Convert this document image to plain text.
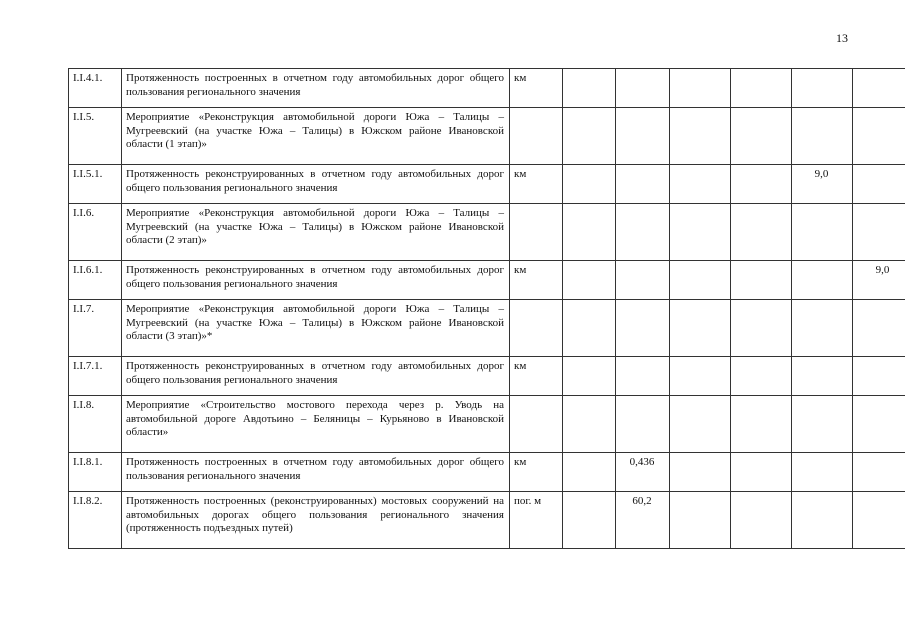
13
I.I.4.1.	Протяженность построенных в отчетном году автомобильных дорог общего пользования регионального значения	км						
I.I.5.	Мероприятие «Реконструкция автомобильной дороги Южа – Талицы – Мугреевский (на участке Южа – Талицы) в Южском районе Ивановской области (1 этап)»							
I.I.5.1.	Протяженность реконструированных в отчетном году автомобильных дорог общего пользования регионального значения	км					9,0	
I.I.6.	Мероприятие «Реконструкция автомобильной дороги Южа – Талицы – Мугреевский (на участке Южа – Талицы) в Южском районе Ивановской области (2 этап)»							
I.I.6.1.	Протяженность реконструированных в отчетном году автомобильных дорог общего пользования регионального значения	км						9,0
I.I.7.	Мероприятие «Реконструкция автомобильной дороги Южа – Талицы – Мугреевский (на участке Южа – Талицы) в Южском районе Ивановской области (3 этап)»*							
I.I.7.1.	Протяженность реконструированных в отчетном году автомобильных дорог общего пользования регионального значения	км						
I.I.8.	Мероприятие «Строительство мостового перехода через р. Уводь на автомобильной дороге Авдотьино – Беляницы – Курьяново в Ивановской области»							
I.I.8.1.	Протяженность построенных в отчетном году автомобильных дорог общего пользования регионального значения	км		0,436				
I.I.8.2.	Протяженность построенных (реконструированных) мостовых сооружений на автомобильных дорогах общего пользования регионального значения (протяженность подъездных путей)	пог. м		60,2				
